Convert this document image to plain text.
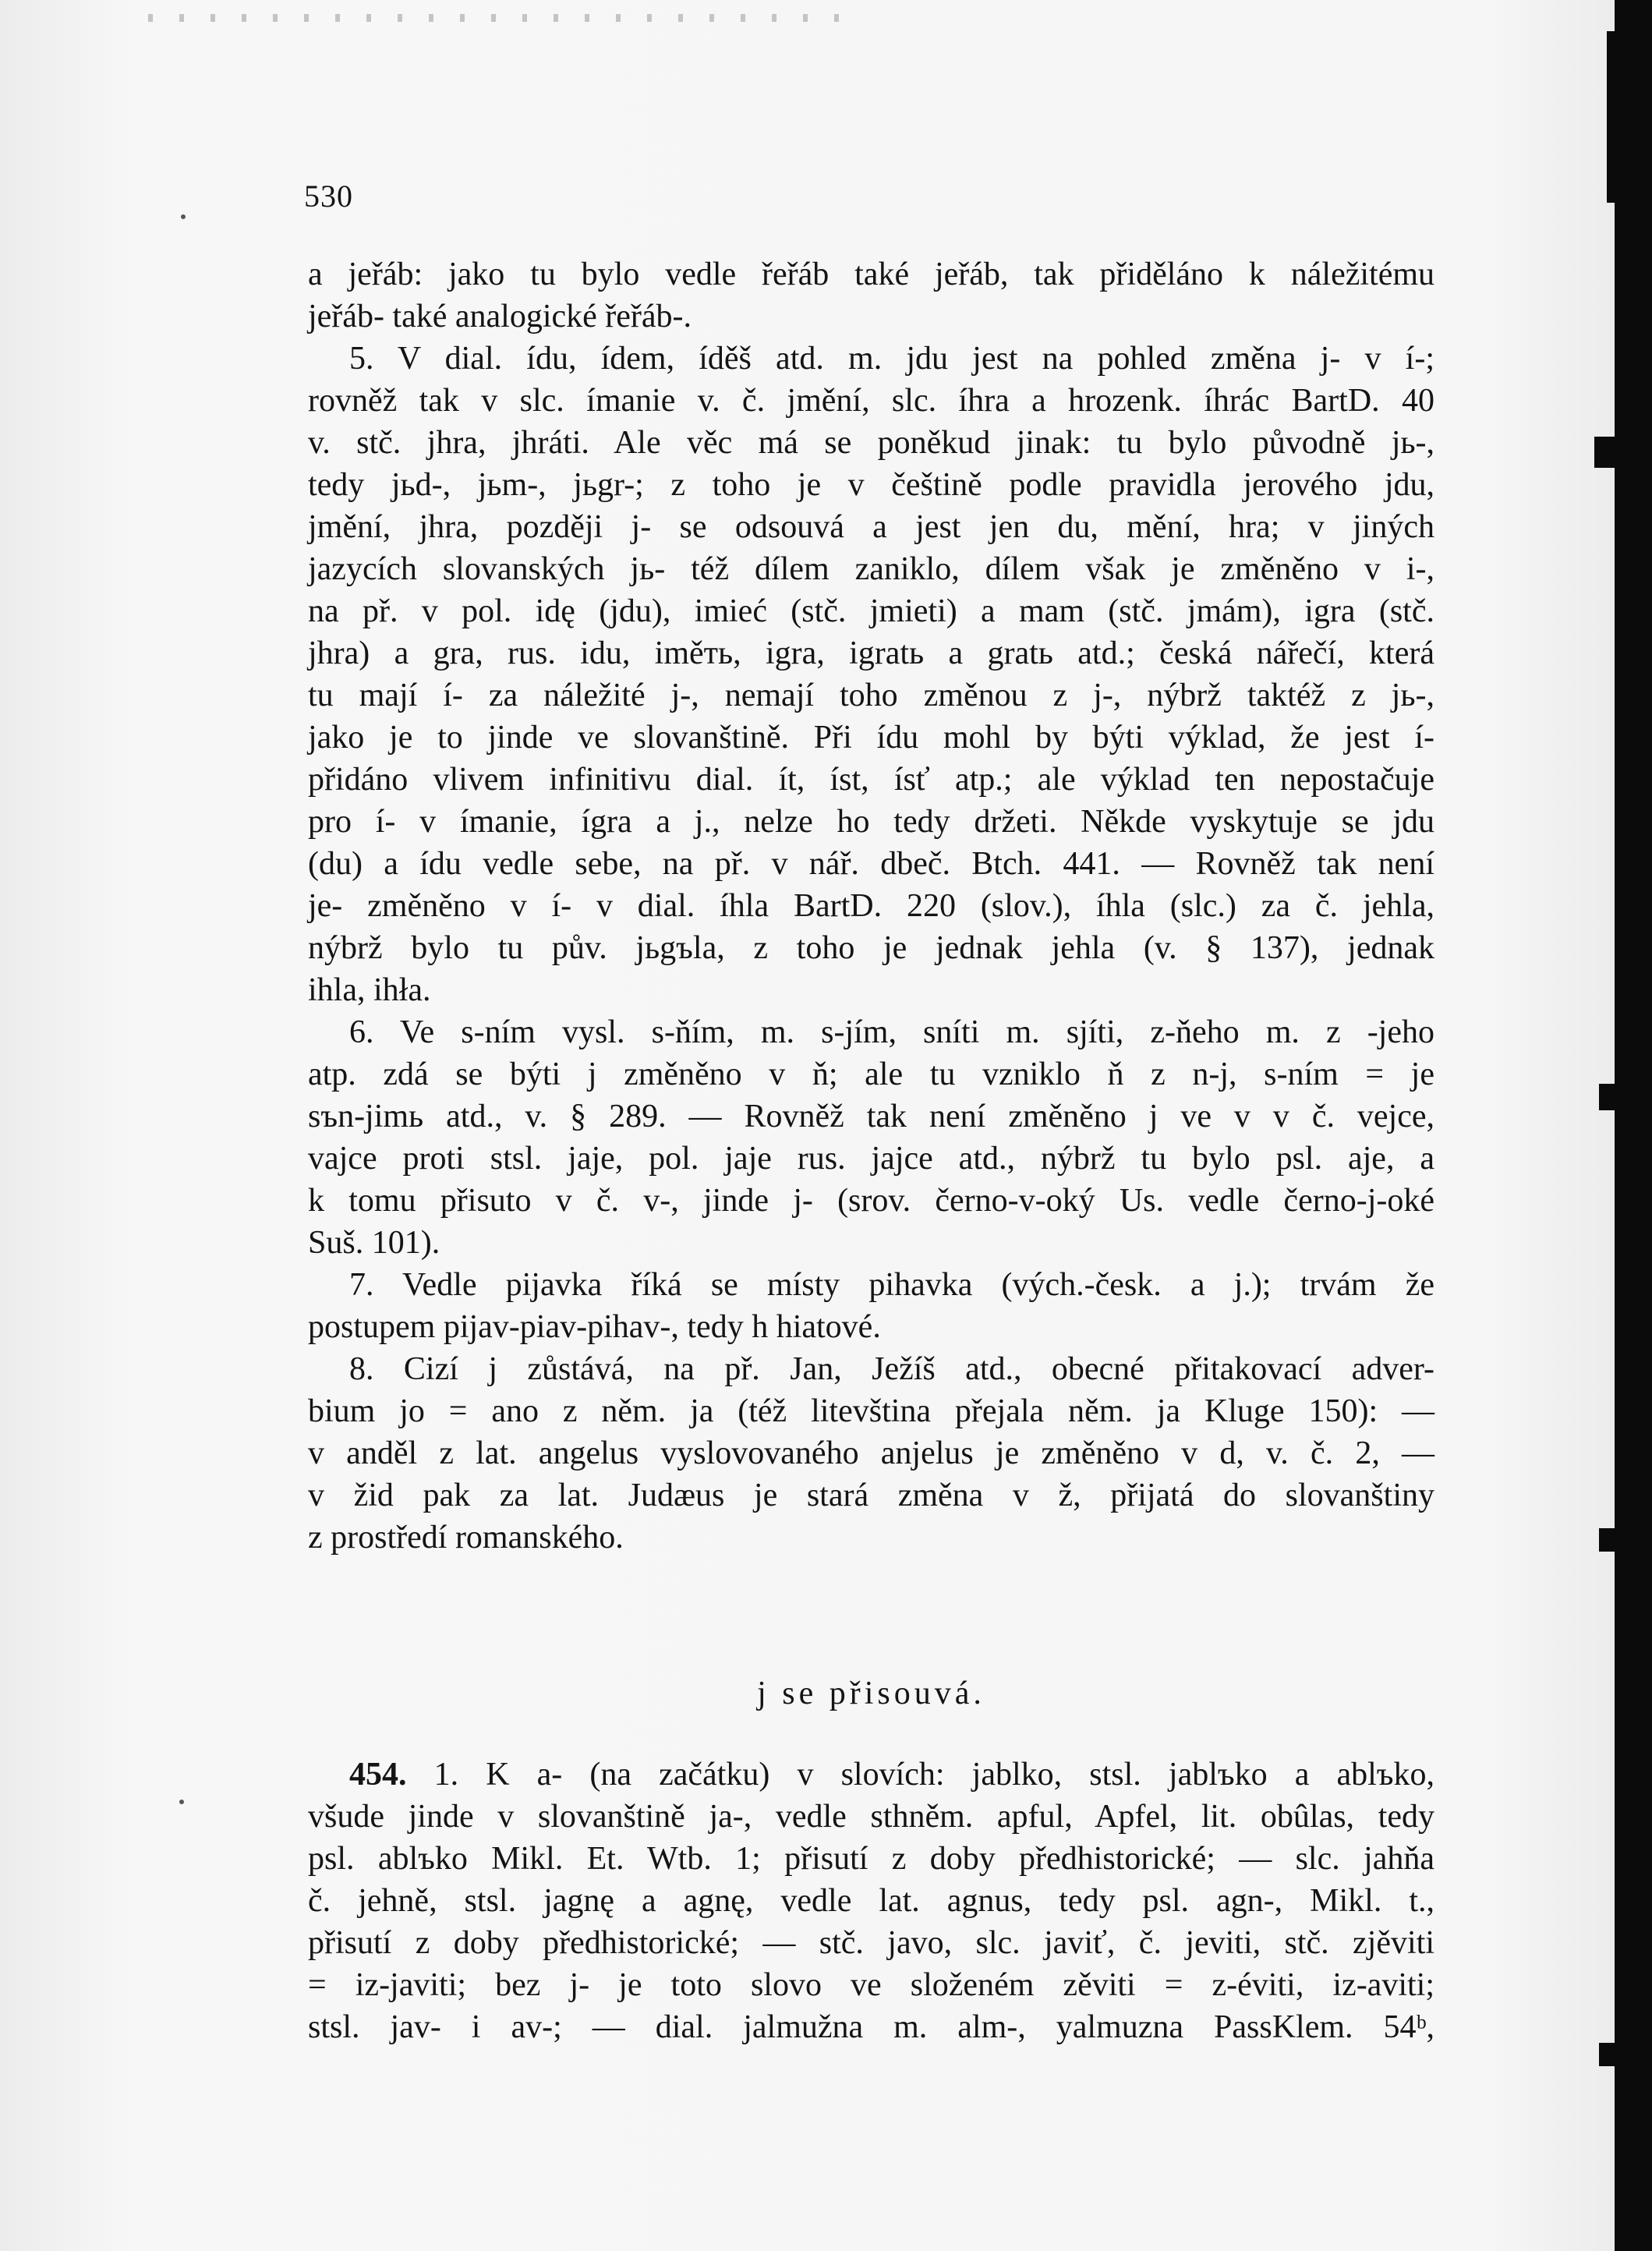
530
a jeřáb: jako tu bylo vedle řeřáb také jeřáb, tak přiděláno k náležitému
jeřáb- také analogické řeřáb-.
5. V dial. ídu, ídem, íděš atd. m. jdu jest na pohled změna j- v í-;
rovněž tak v slc. ímanie v. č. jmění, slc. íhra a hrozenk. íhrác BartD. 40
v. stč. jhra, jhráti. Ale věc má se poněkud jinak: tu bylo původně jь-,
tedy jьd-, jьm-, jьgr-; z toho je v češtině podle pravidla jerového jdu,
jmění, jhra, později j- se odsouvá a jest jen du, mění, hra; v jiných
jazycích slovanských jь- též dílem zaniklo, dílem však je změněno v i-,
na př. v pol. idę (jdu), imieć (stč. jmieti) a mam (stč. jmám), igra (stč.
jhra) a gra, rus. idu, iměть, igra, igratь a gratь atd.; česká nářečí, která
tu mají í- za náležité j-, nemají toho změnou z j-, nýbrž taktéž z jь-,
jako je to jinde ve slovanštině. Při ídu mohl by býti výklad, že jest í-
přidáno vlivem infinitivu dial. ít, íst, ísť atp.; ale výklad ten nepostačuje
pro í- v ímanie, ígra a j., nelze ho tedy držeti. Někde vyskytuje se jdu
(du) a ídu vedle sebe, na př. v nář. dbeč. Btch. 441. — Rovněž tak není
je- změněno v í- v dial. íhla BartD. 220 (slov.), íhla (slc.) za č. jehla,
nýbrž bylo tu pův. jьgъla, z toho je jednak jehla (v. § 137), jednak
ihla, ihła.
6. Ve s-ním vysl. s-ňím, m. s-jím, sníti m. sjíti, z-ňeho m. z -jeho
atp. zdá se býti j změněno v ň; ale tu vzniklo ň z n-j, s-ním = je
sъn-jimь atd., v. § 289. — Rovněž tak není změněno j ve v v č. vejce,
vajce proti stsl. jaje, pol. jaje rus. jajce atd., nýbrž tu bylo psl. aje, a
k tomu přisuto v č. v-, jinde j- (srov. černo-v-oký Us. vedle černo-j-oké
Suš. 101).
7. Vedle pijavka říká se místy pihavka (vých.-česk. a j.); trvám že
postupem pijav-piav-pihav-, tedy h hiatové.
8. Cizí j zůstává, na př. Jan, Ježíš atd., obecné přitakovací adver-
bium jo = ano z něm. ja (též litevština přejala něm. ja Kluge 150): —
v anděl z lat. angelus vyslovovaného anjelus je změněno v d, v. č. 2, —
v žid pak za lat. Judæus je stará změna v ž, přijatá do slovanštiny
z prostředí romanského.
j se přisouvá.
454. 1. K a- (na začátku) v slovích: jablko, stsl. jablъko a ablъko,
všude jinde v slovanštině ja-, vedle sthněm. apful, Apfel, lit. obûlas, tedy
psl. ablъko Mikl. Et. Wtb. 1; přisutí z doby předhistorické; — slc. jahňa
č. jehně, stsl. jagnę a agnę, vedle lat. agnus, tedy psl. agn-, Mikl. t.,
přisutí z doby předhistorické; — stč. javo, slc. javiť, č. jeviti, stč. zjěviti
= iz-javiti; bez j- je toto slovo ve složeném zěviti = z-éviti, iz-aviti;
stsl. jav- i av-; — dial. jalmužna m. alm-, yalmuzna PassKlem. 54ᵇ,
